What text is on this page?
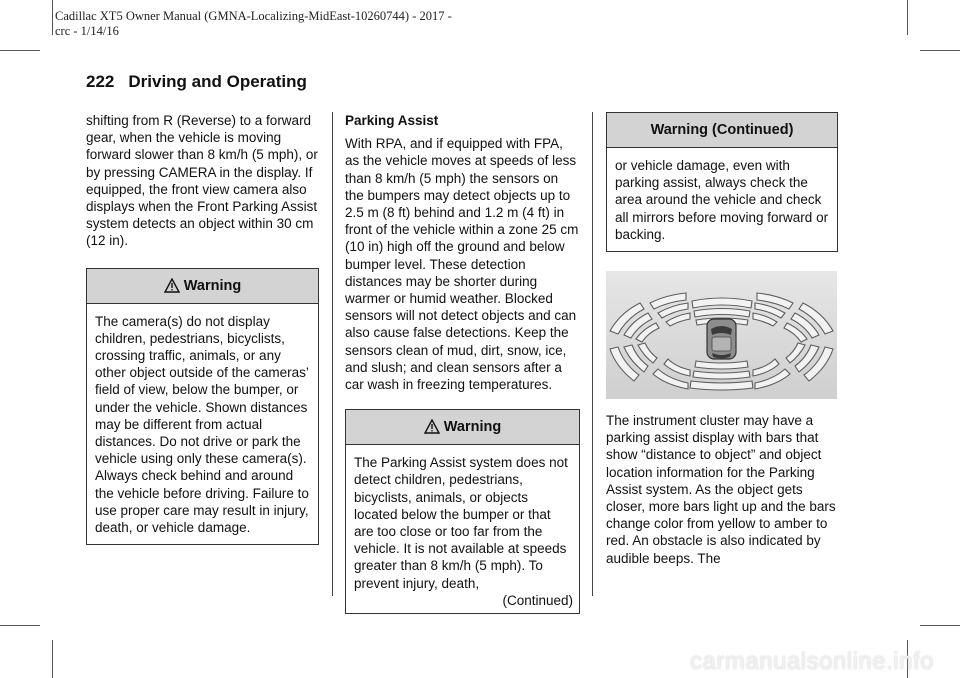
Cadillac XT5 Owner Manual (GMNA-Localizing-MidEast-10260744) - 2017 -
crc - 1/14/16
222 Driving and Operating

shifting from R (Reverse) to a forward gear, when the vehicle is moving forward slower than 8 km/h (5 mph), or by pressing CAMERA in the display. If equipped, the front view camera also displays when the Front Parking Assist system detects an object within 30 cm (12 in).

Warning
The camera(s) do not display children, pedestrians, bicyclists, crossing traffic, animals, or any other object outside of the cameras’ field of view, below the bumper, or under the vehicle. Shown distances may be different from actual distances. Do not drive or park the vehicle using only these camera(s). Always check behind and around the vehicle before driving. Failure to use proper care may result in injury, death, or vehicle damage.

Parking Assist

With RPA, and if equipped with FPA, as the vehicle moves at speeds of less than 8 km/h (5 mph) the sensors on the bumpers may detect objects up to 2.5 m (8 ft) behind and 1.2 m (4 ft) in front of the vehicle within a zone 25 cm (10 in) high off the ground and below bumper level. These detection distances may be shorter during warmer or humid weather. Blocked sensors will not detect objects and can also cause false detections. Keep the sensors clean of mud, dirt, snow, ice, and slush; and clean sensors after a car wash in freezing temperatures.

Warning
The Parking Assist system does not detect children, pedestrians, bicyclists, animals, or objects located below the bumper or that are too close or too far from the vehicle. It is not available at speeds greater than 8 km/h (5 mph). To prevent injury, death,
(Continued)
Warning (Continued)
or vehicle damage, even with parking assist, always check the area around the vehicle and check all mirrors before moving forward or backing.

The instrument cluster may have a parking assist display with bars that show “distance to object” and object location information for the Parking Assist system. As the object gets closer, more bars light up and the bars change color from yellow to amber to red. An obstacle is also indicated by audible beeps. The

carmanualsonline.info
